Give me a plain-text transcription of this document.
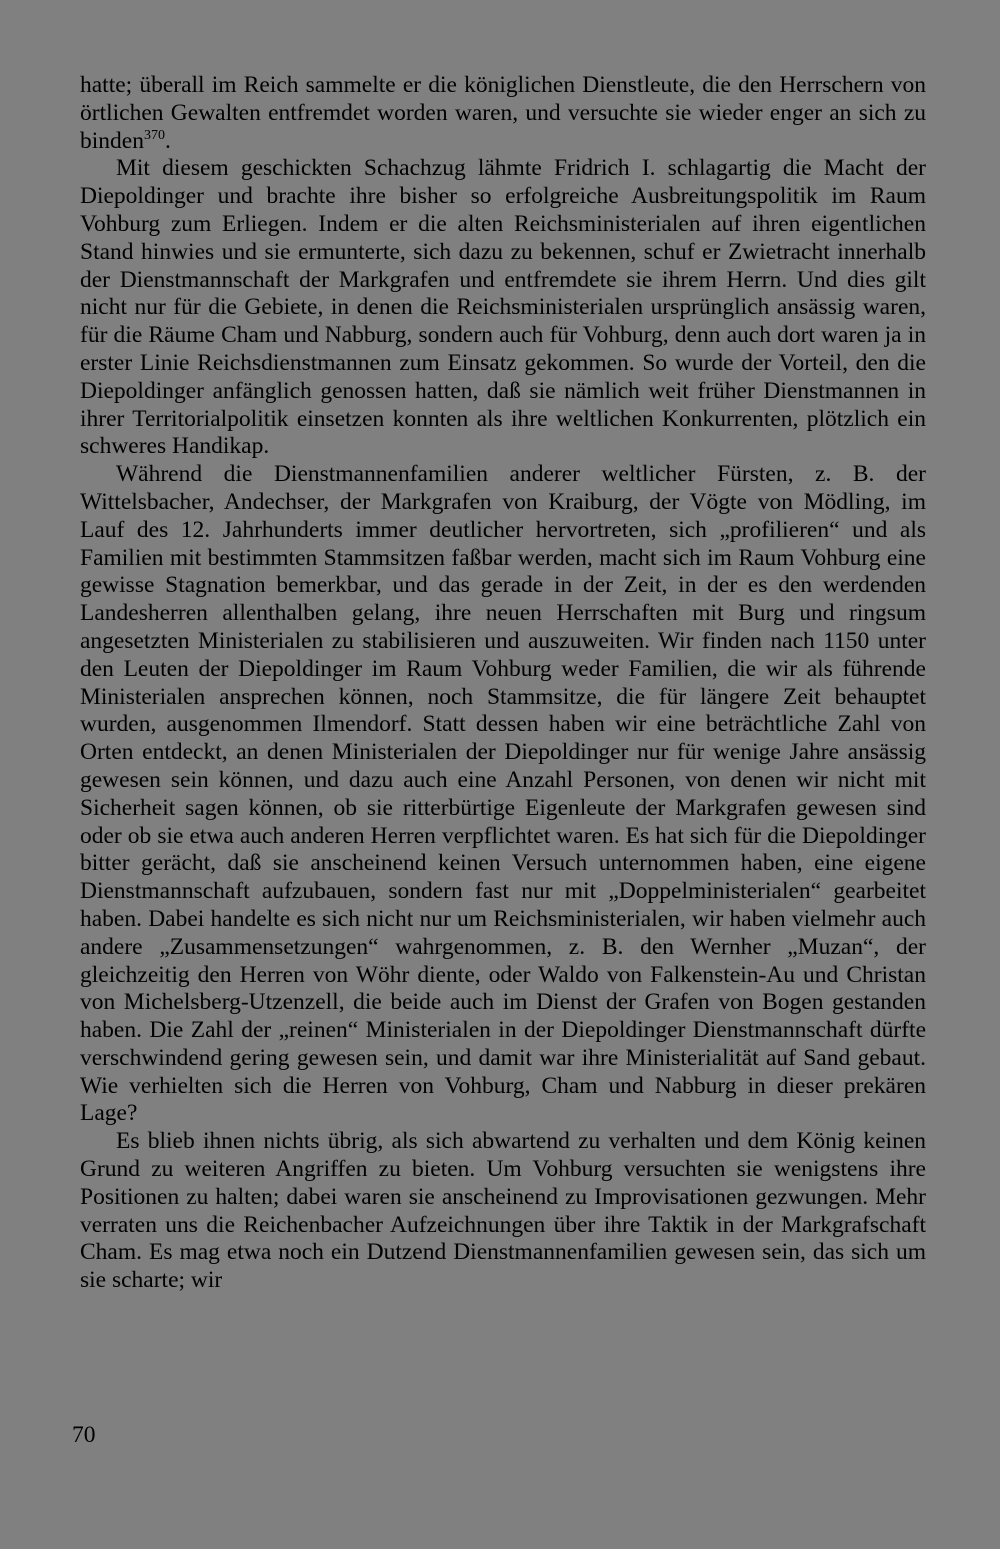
hatte; überall im Reich sammelte er die königlichen Dienstleute, die den Herrschern von örtlichen Gewalten entfremdet worden waren, und versuchte sie wieder enger an sich zu binden$^{370}$.

Mit diesem geschickten Schachzug lähmte Fridrich I. schlagartig die Macht der Diepoldinger und brachte ihre bisher so erfolgreiche Ausbreitungspolitik im Raum Vohburg zum Erliegen. Indem er die alten Reichsministerialen auf ihren eigentlichen Stand hinwies und sie ermunterte, sich dazu zu bekennen, schuf er Zwietracht innerhalb der Dienstmannschaft der Markgrafen und entfremdete sie ihrem Herrn. Und dies gilt nicht nur für die Gebiete, in denen die Reichsministerialen ursprünglich ansässig waren, für die Räume Cham und Nabburg, sondern auch für Vohburg, denn auch dort waren ja in erster Linie Reichsdienstmannen zum Einsatz gekommen. So wurde der Vorteil, den die Diepoldinger anfänglich genossen hatten, daß sie nämlich weit früher Dienstmannen in ihrer Territorialpolitik einsetzen konnten als ihre weltlichen Konkurrenten, plötzlich ein schweres Handikap.

Während die Dienstmannenfamilien anderer weltlicher Fürsten, z. B. der Wittelsbacher, Andechser, der Markgrafen von Kraiburg, der Vögte von Mödling, im Lauf des 12. Jahrhunderts immer deutlicher hervortreten, sich „profilieren“ und als Familien mit bestimmten Stammsitzen faßbar werden, macht sich im Raum Vohburg eine gewisse Stagnation bemerkbar, und das gerade in der Zeit, in der es den werdenden Landesherren allenthalben gelang, ihre neuen Herrschaften mit Burg und ringsum angesetzten Ministerialen zu stabilisieren und auszuweiten. Wir finden nach 1150 unter den Leuten der Diepoldinger im Raum Vohburg weder Familien, die wir als führende Ministerialen ansprechen können, noch Stammsitze, die für längere Zeit behauptet wurden, ausgenommen Ilmendorf. Statt dessen haben wir eine beträchtliche Zahl von Orten entdeckt, an denen Ministerialen der Diepoldinger nur für wenige Jahre ansässig gewesen sein können, und dazu auch eine Anzahl Personen, von denen wir nicht mit Sicherheit sagen können, ob sie ritterbürtige Eigenleute der Markgrafen gewesen sind oder ob sie etwa auch anderen Herren verpflichtet waren. Es hat sich für die Diepoldinger bitter gerächt, daß sie anscheinend keinen Versuch unternommen haben, eine eigene Dienstmannschaft aufzubauen, sondern fast nur mit „Doppelministerialen“ gearbeitet haben. Dabei handelte es sich nicht nur um Reichsministerialen, wir haben vielmehr auch andere „Zusammensetzungen“ wahrgenommen, z. B. den Wernher „Muzan“, der gleichzeitig den Herren von Wöhr diente, oder Waldo von Falkenstein-Au und Christan von Michelsberg-Utzenzell, die beide auch im Dienst der Grafen von Bogen gestanden haben. Die Zahl der „reinen“ Ministerialen in der Diepoldinger Dienstmannschaft dürfte verschwindend gering gewesen sein, und damit war ihre Ministerialität auf Sand gebaut. Wie verhielten sich die Herren von Vohburg, Cham und Nabburg in dieser prekären Lage?

Es blieb ihnen nichts übrig, als sich abwartend zu verhalten und dem König keinen Grund zu weiteren Angriffen zu bieten. Um Vohburg versuchten sie wenigstens ihre Positionen zu halten; dabei waren sie anscheinend zu Improvisationen gezwungen. Mehr verraten uns die Reichenbacher Aufzeichnungen über ihre Taktik in der Markgrafschaft Cham. Es mag etwa noch ein Dutzend Dienstmannenfamilien gewesen sein, das sich um sie scharte; wir

70
